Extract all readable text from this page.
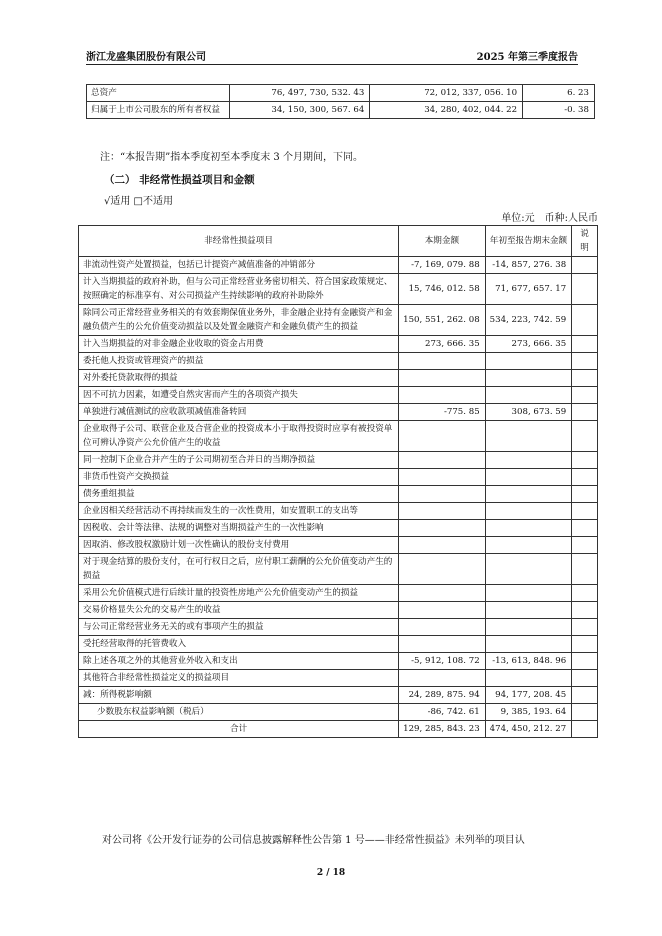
浙江龙盛集团股份有限公司	2025 年第三季度报告
总资产	76, 497, 730, 532. 43	72, 012, 337, 056. 10	6. 23
归属于上市公司股东的所有者权益	34, 150, 300, 567. 64	34, 280, 402, 044. 22	-0. 38
注：“本报告期”指本季度初至本季度末 3 个月期间，下同。
（二） 非经常性损益项目和金额
√适用 □不适用
单位:元　币种:人民币
非经常性损益项目	本期金额	年初至报告期末金额	说明
非流动性资产处置损益，包括已计提资产减值准备的冲销部分	-7, 169, 079. 88	-14, 857, 276. 38	
计入当期损益的政府补助，但与公司正常经营业务密切相关、符合国家政策规定、按照确定的标准享有、对公司损益产生持续影响的政府补助除外	15, 746, 012. 58	71, 677, 657. 17	
除同公司正常经营业务相关的有效套期保值业务外，非金融企业持有金融资产和金融负债产生的公允价值变动损益以及处置金融资产和金融负债产生的损益	150, 551, 262. 08	534, 223, 742. 59	
计入当期损益的对非金融企业收取的资金占用费	273, 666. 35	273, 666. 35	
委托他人投资或管理资产的损益			
对外委托贷款取得的损益			
因不可抗力因素，如遭受自然灾害而产生的各项资产损失			
单独进行减值测试的应收款项减值准备转回	-775. 85	308, 673. 59	
企业取得子公司、联营企业及合营企业的投资成本小于取得投资时应享有被投资单位可辨认净资产公允价值产生的收益			
同一控制下企业合并产生的子公司期初至合并日的当期净损益			
非货币性资产交换损益			
债务重组损益			
企业因相关经营活动不再持续而发生的一次性费用，如安置职工的支出等			
因税收、会计等法律、法规的调整对当期损益产生的一次性影响			
因取消、修改股权激励计划一次性确认的股份支付费用			
对于现金结算的股份支付，在可行权日之后，应付职工薪酬的公允价值变动产生的损益			
采用公允价值模式进行后续计量的投资性房地产公允价值变动产生的损益			
交易价格显失公允的交易产生的收益			
与公司正常经营业务无关的或有事项产生的损益			
受托经营取得的托管费收入			
除上述各项之外的其他营业外收入和支出	-5, 912, 108. 72	-13, 613, 848. 96	
其他符合非经常性损益定义的损益项目			
减：所得税影响额	24, 289, 875. 94	94, 177, 208. 45	
少数股东权益影响额（税后）	-86, 742. 61	9, 385, 193. 64	
合计	129, 285, 843. 23	474, 450, 212. 27	
对公司将《公开发行证券的公司信息披露解释性公告第 1 号——非经常性损益》未列举的项目认
2 / 18
